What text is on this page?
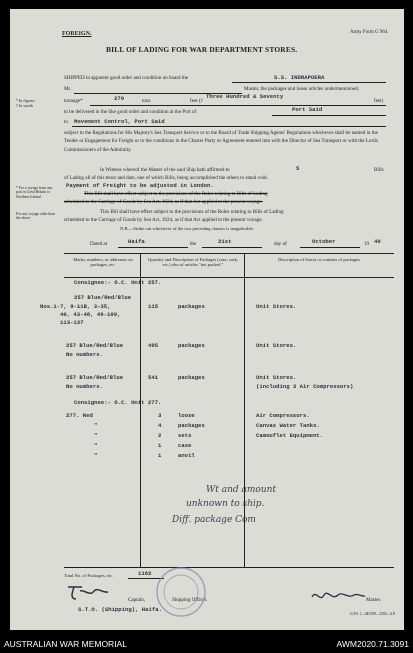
FOREIGN.	Army Form G 964
BILL OF LADING FOR WAR DEPARTMENT STORES.
* In figures
† In words
* For a voyage from any port in Great Britain or Northern Ireland
For any voyage other than the above
SHIPPED in apparent good order and condition on board the	S.S. INDRAPOERA
Mr.	Master, the packages and loose articles undermentioned,
tonnage*	270	tons	feet (†
Three Hundred & Seventy
feet)
to be delivered in the like good order and condition at the Port of	Port Said
to Movement Control, Port Said
subject to the Regulations for His Majesty's Sea Transport Service or to the Board of Trade Shipping Agents' Regulations whichever shall be named in the Tender or Engagement for Freight or to the conditions in the Charter Party or Agreement entered into with the Director of Sea Transport or with the Lords Commissioners of the Admiralty.
In Witness whereof the Master of the said Ship hath affirmed to	5	Bills
of Lading all of this tenor and date, one of which Bills, being accomplished the others to stand void.
Payment of Freight to be adjusted in London.
This Bill shall have effect subject to the provisions of the Rules relating to Bills of Lading
scheduled to the Carriage of Goods by Sea Act, 1924, as if that Act applied to the present voyage.
This Bill shall have effect subject to the provisions of the Rules relating to Bills of Lading
scheduled to the Carriage of Goods by Sea Act, 1924, as if that Act applied to the present voyage.
N.B.—Strike out whichever of the two preceding clauses is inapplicable.
Dated at	Haifa	the	21st	day of	October	19 40
Marks, numbers, or addresses on packages, etc.
Quantity and Description of Packages (case, cask, etc.) also of articles "not packed."
Description of Stores or contents of packages
Consignee:- O.C. Unit 257.
257 Blue/Red/Blue
Nos.1-7, 9-11B, 3-35,	115	packages	Unit Stores.
40, 43-48, 49-109,
113-137
257 Blue/Red/Blue	495	packages	Unit Stores.
No numbers.
257 Blue/Red/Blue	541	packages	Unit Stores.
No numbers.	(including 3 Air Compressors)
Consignee:- O.C. Unit 277.
277. Red	3	loose	Air Compressors.
"	4	packages	Canvas Water Tanks.
"	2	sets	Camouflet Equipment.
"	1	case
"	1	anvil
Wt and amount
unknown to ship.
Diff. package Com
Total No. of Packages, etc.	1162
Captain,	Shipping Officer.
S.T.O. (Shipping), Haifa.
Master.
G.P.S. 1—M/5/89—3500—S.P.
AUSTRALIAN WAR MEMORIAL	AWM2020.71.3091
